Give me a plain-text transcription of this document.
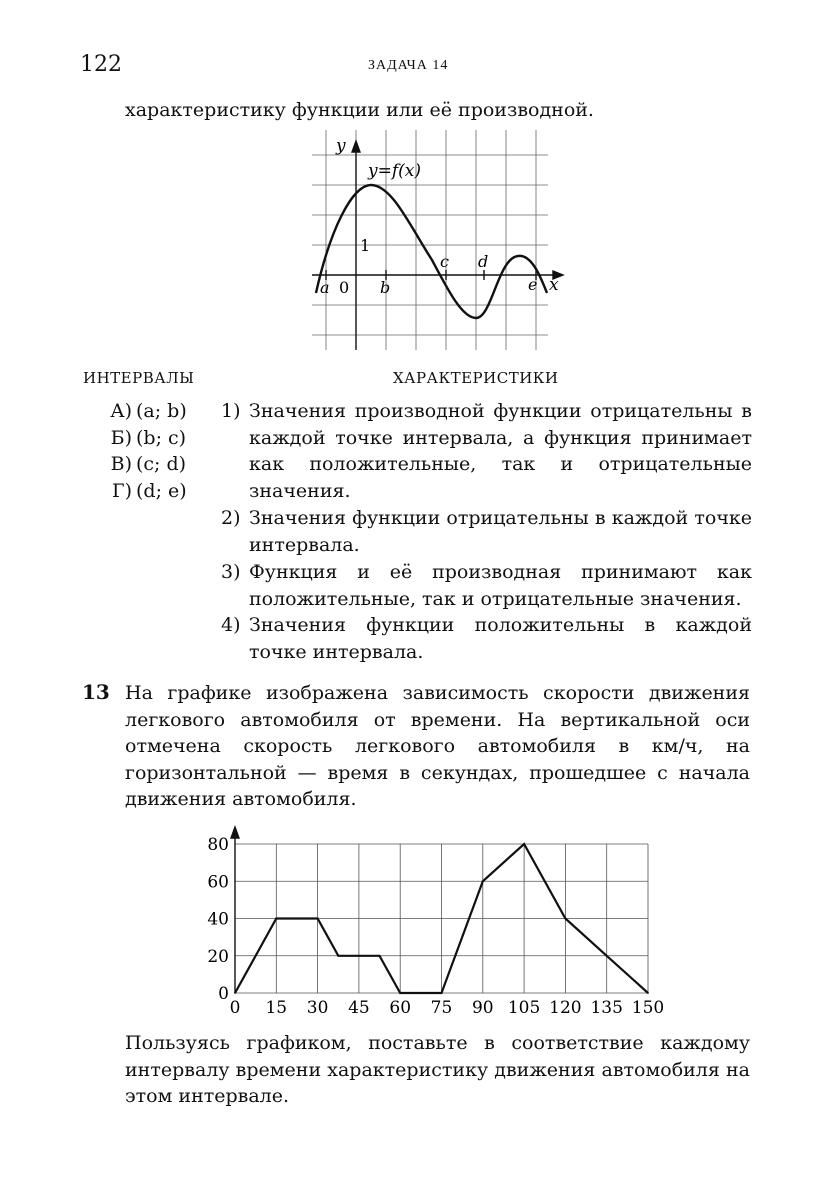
122	ЗАДАЧА 14
характеристику функции или её производной.
y
x
y=f(x)
0
1
a	b
c d
e
ИНТЕРВАЛЫ	ХАРАКТЕРИСТИКИ
А) (a; b)
Б) (b; c)
В) (c; d)
Г) (d; e)
1) Значения производной функции отрицательны в каждой точке интервала, а функция принимает как положительные, так и отрицательные значения.
2) Значения функции отрицательны в каждой точке интервала.
3) Функция и её производная принимают как положительные, так и отрицательные значения.
4) Значения функции положительны в каждой точке интервала.
13 На графике изображена зависимость скорости движения легкового автомобиля от времени. На вертикальной оси отмечена скорость легкового автомобиля в км/ч, на горизонтальной — время в секундах, прошедшее с начала движения автомобиля.
0 15 30 45 60 75 90 105 120 135 150
0
20
40
60
80
Пользуясь графиком, поставьте в соответствие каждому интервалу времени характеристику движения автомобиля на этом интервале.
